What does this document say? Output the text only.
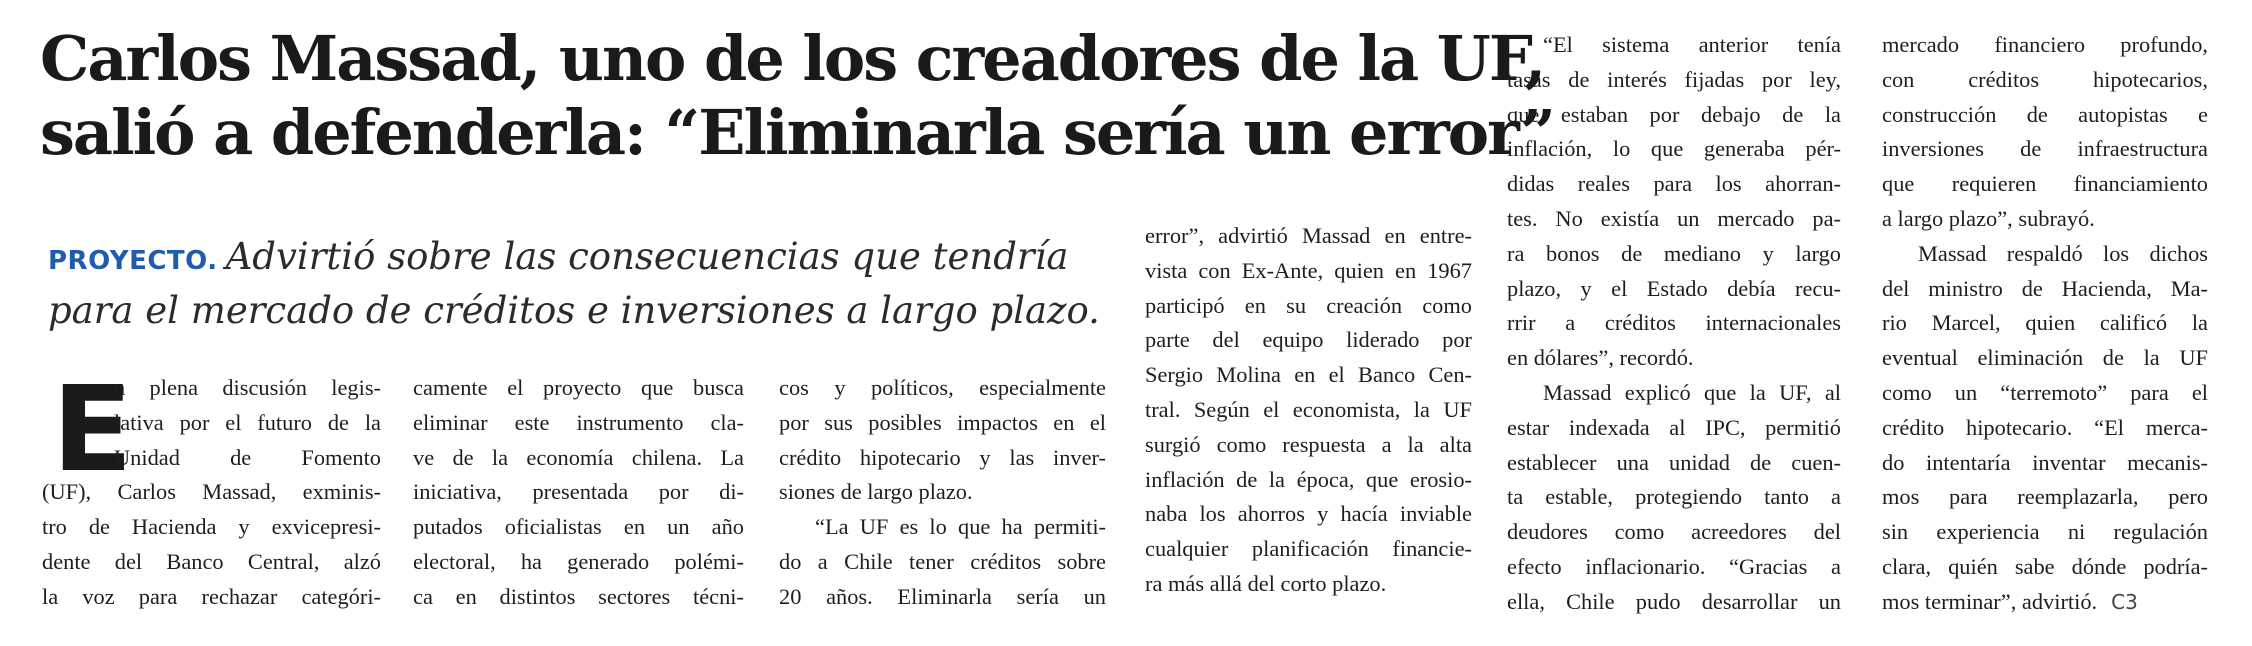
Carlos Massad, uno de los creadores de la UF,
salió a defenderla: “Eliminarla sería un error”
PROYECTO. Advirtió sobre las consecuencias que tendría
para el mercado de créditos e inversiones a largo plazo.
E
n plena discusión legis-
lativa por el futuro de la
Unidad de Fomento
(UF), Carlos Massad, exminis-
tro de Hacienda y exvicepresi-
dente del Banco Central, alzó
la voz para rechazar categóri-
camente el proyecto que busca
eliminar este instrumento cla-
ve de la economía chilena. La
iniciativa, presentada por di-
putados oficialistas en un año
electoral, ha generado polémi-
ca en distintos sectores técni-
cos y políticos, especialmente
por sus posibles impactos en el
crédito hipotecario y las inver-
siones de largo plazo.
“La UF es lo que ha permiti-
do a Chile tener créditos sobre
20 años. Eliminarla sería un
error”, advirtió Massad en entre-
vista con Ex-Ante, quien en 1967
participó en su creación como
parte del equipo liderado por
Sergio Molina en el Banco Cen-
tral. Según el economista, la UF
surgió como respuesta a la alta
inflación de la época, que erosio-
naba los ahorros y hacía inviable
cualquier planificación financie-
ra más allá del corto plazo.
“El sistema anterior tenía
tasas de interés fijadas por ley,
que estaban por debajo de la
inflación, lo que generaba pér-
didas reales para los ahorran-
tes. No existía un mercado pa-
ra bonos de mediano y largo
plazo, y el Estado debía recu-
rrir a créditos internacionales
en dólares”, recordó.
Massad explicó que la UF, al
estar indexada al IPC, permitió
establecer una unidad de cuen-
ta estable, protegiendo tanto a
deudores como acreedores del
efecto inflacionario. “Gracias a
ella, Chile pudo desarrollar un
mercado financiero profundo,
con créditos hipotecarios,
construcción de autopistas e
inversiones de infraestructura
que requieren financiamiento
a largo plazo”, subrayó.
Massad respaldó los dichos
del ministro de Hacienda, Ma-
rio Marcel, quien calificó la
eventual eliminación de la UF
como un “terremoto” para el
crédito hipotecario. “El merca-
do intentaría inventar mecanis-
mos para reemplazarla, pero
sin experiencia ni regulación
clara, quién sabe dónde podría-
mos terminar”, advirtió. C3
